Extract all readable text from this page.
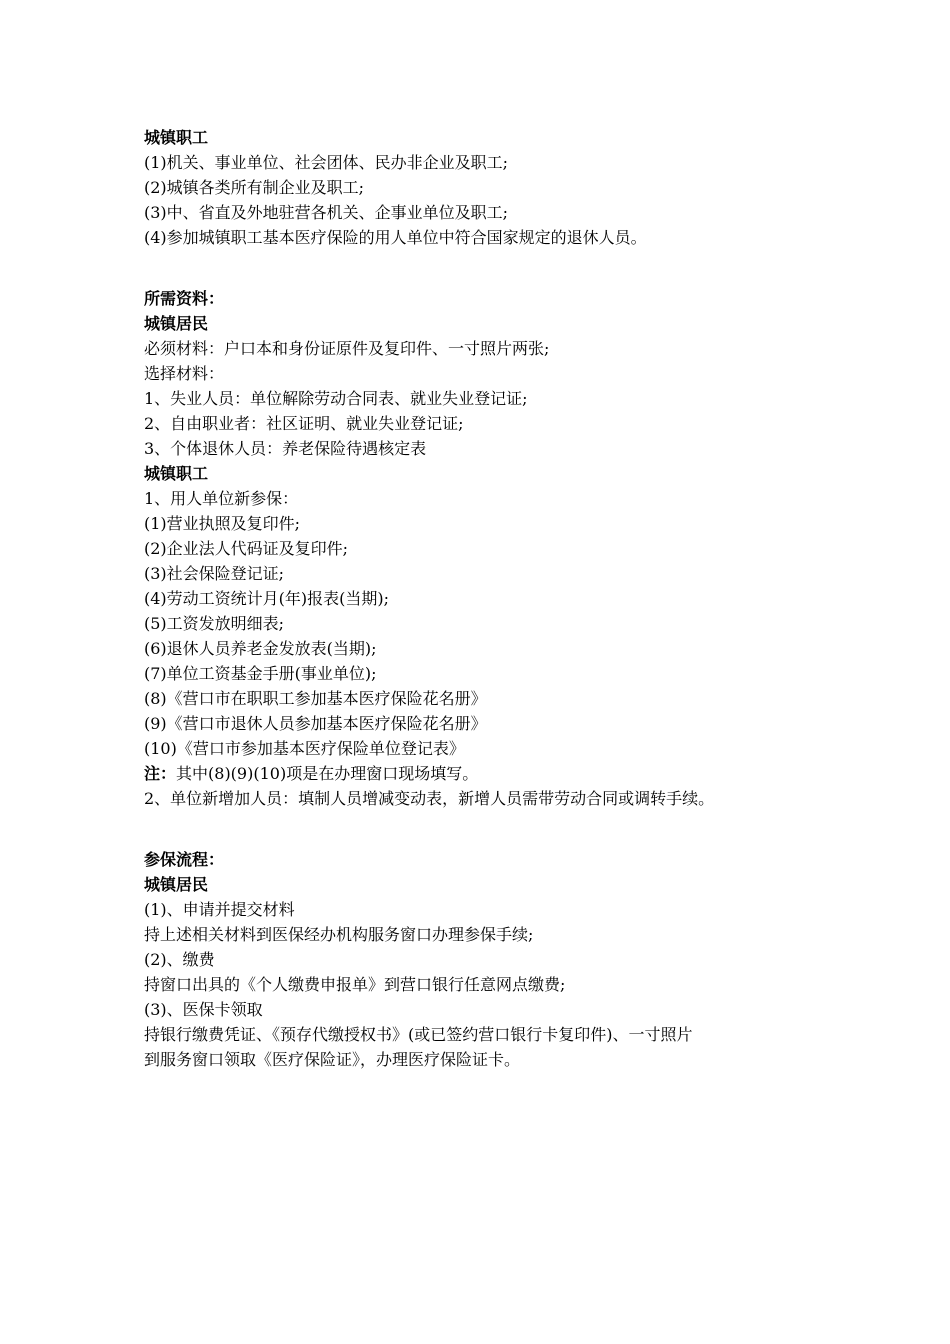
城镇职工
(1)机关、事业单位、社会团体、民办非企业及职工;
(2)城镇各类所有制企业及职工;
(3)中、省直及外地驻营各机关、企事业单位及职工;
(4)参加城镇职工基本医疗保险的用人单位中符合国家规定的退休人员。
所需资料：
城镇居民
必须材料：户口本和身份证原件及复印件、一寸照片两张;
选择材料：
1、失业人员：单位解除劳动合同表、就业失业登记证;
2、自由职业者：社区证明、就业失业登记证;
3、个体退休人员：养老保险待遇核定表
城镇职工
1、用人单位新参保：
(1)营业执照及复印件;
(2)企业法人代码证及复印件;
(3)社会保险登记证;
(4)劳动工资统计月(年)报表(当期);
(5)工资发放明细表;
(6)退休人员养老金发放表(当期);
(7)单位工资基金手册(事业单位);
(8)《营口市在职职工参加基本医疗保险花名册》
(9)《营口市退休人员参加基本医疗保险花名册》
(10)《营口市参加基本医疗保险单位登记表》
注：其中(8)(9)(10)项是在办理窗口现场填写。
2、单位新增加人员：填制人员增减变动表，新增人员需带劳动合同或调转手续。
参保流程：
城镇居民
(1)、申请并提交材料
持上述相关材料到医保经办机构服务窗口办理参保手续;
(2)、缴费
持窗口出具的《个人缴费申报单》到营口银行任意网点缴费;
(3)、医保卡领取
持银行缴费凭证、《预存代缴授权书》(或已签约营口银行卡复印件)、一寸照片
到服务窗口领取《医疗保险证》，办理医疗保险证卡。
